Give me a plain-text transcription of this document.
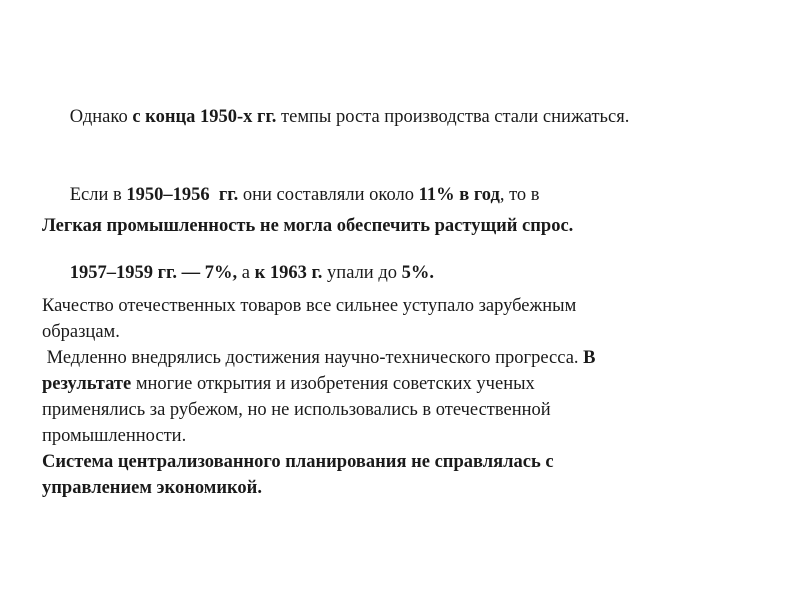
Однако с конца 1950-х гг. темпы роста производства стали снижаться.

Если в 1950–1956  гг. они составляли около 11% в год, то в

1957–1959 гг. — 7%, а к 1963 г. упали до 5%.

Легкая промышленность не могла обеспечить растущий спрос.
Качество отечественных товаров все сильнее уступало зарубежным
образцам.
Медленно внедрялись достижения научно-технического прогресса. В
результате многие открытия и изобретения советских ученых
применялись за рубежом, но не использовались в отечественной
промышленности.
Система централизованного планирования не справлялась с
управлением экономикой.
